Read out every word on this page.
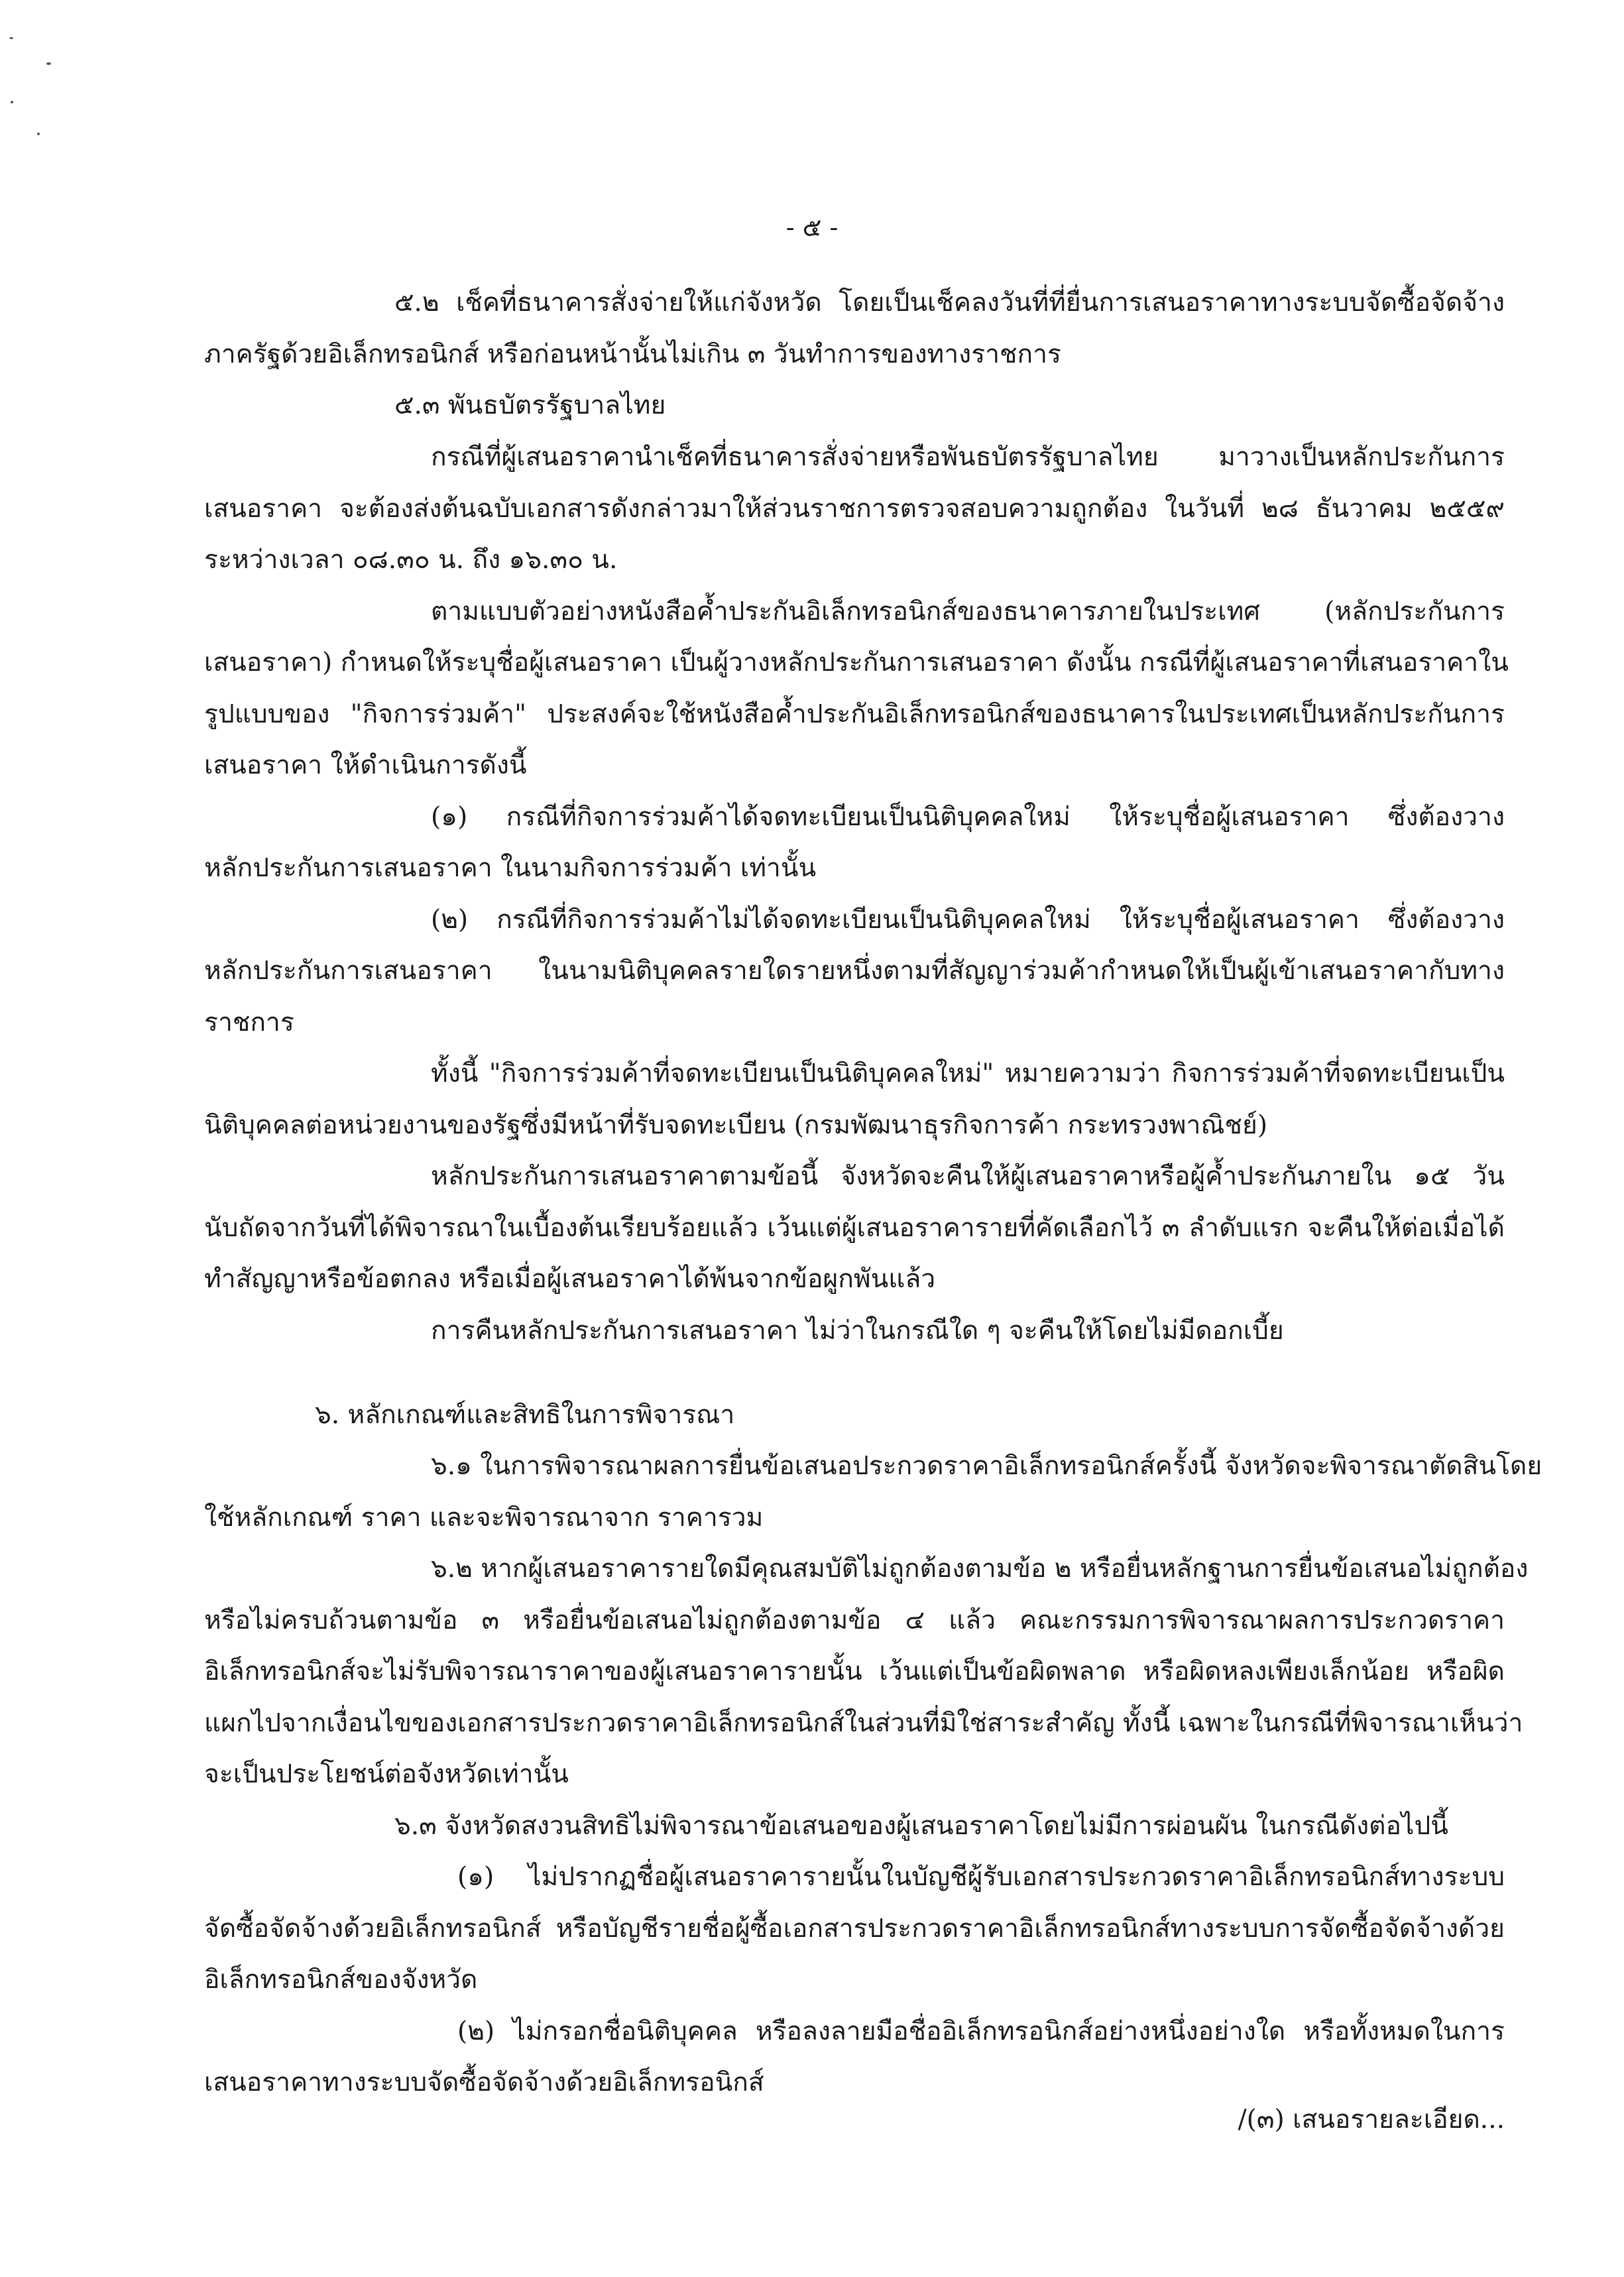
- ๕ -
๕.๒ เช็คที่ธนาคารสั่งจ่ายให้แก่จังหวัด โดยเป็นเช็คลงวันที่ที่ยื่นการเสนอราคาทางระบบจัดซื้อจัดจ้าง
ภาครัฐด้วยอิเล็กทรอนิกส์ หรือก่อนหน้านั้นไม่เกิน ๓ วันทำการของทางราชการ
๕.๓ พันธบัตรรัฐบาลไทย
กรณีที่ผู้เสนอราคานำเช็คที่ธนาคารสั่งจ่ายหรือพันธบัตรรัฐบาลไทย มาวางเป็นหลักประกันการ
เสนอราคา จะต้องส่งต้นฉบับเอกสารดังกล่าวมาให้ส่วนราชการตรวจสอบความถูกต้อง ในวันที่ ๒๘ ธันวาคม ๒๕๕๙
ระหว่างเวลา ๐๘.๓๐ น. ถึง ๑๖.๓๐ น.
ตามแบบตัวอย่างหนังสือค้ำประกันอิเล็กทรอนิกส์ของธนาคารภายในประเทศ (หลักประกันการ
เสนอราคา) กำหนดให้ระบุชื่อผู้เสนอราคา เป็นผู้วางหลักประกันการเสนอราคา ดังนั้น กรณีที่ผู้เสนอราคาที่เสนอราคาใน
รูปแบบของ "กิจการร่วมค้า" ประสงค์จะใช้หนังสือค้ำประกันอิเล็กทรอนิกส์ของธนาคารในประเทศเป็นหลักประกันการ
เสนอราคา ให้ดำเนินการดังนี้
(๑) กรณีที่กิจการร่วมค้าได้จดทะเบียนเป็นนิติบุคคลใหม่ ให้ระบุชื่อผู้เสนอราคา ซึ่งต้องวาง
หลักประกันการเสนอราคา ในนามกิจการร่วมค้า เท่านั้น
(๒) กรณีที่กิจการร่วมค้าไม่ได้จดทะเบียนเป็นนิติบุคคลใหม่ ให้ระบุชื่อผู้เสนอราคา ซึ่งต้องวาง
หลักประกันการเสนอราคา ในนามนิติบุคคลรายใดรายหนึ่งตามที่สัญญาร่วมค้ากำหนดให้เป็นผู้เข้าเสนอราคากับทาง
ราชการ
ทั้งนี้ "กิจการร่วมค้าที่จดทะเบียนเป็นนิติบุคคลใหม่" หมายความว่า กิจการร่วมค้าที่จดทะเบียนเป็น
นิติบุคคลต่อหน่วยงานของรัฐซึ่งมีหน้าที่รับจดทะเบียน (กรมพัฒนาธุรกิจการค้า กระทรวงพาณิชย์)
หลักประกันการเสนอราคาตามข้อนี้ จังหวัดจะคืนให้ผู้เสนอราคาหรือผู้ค้ำประกันภายใน ๑๕ วัน
นับถัดจากวันที่ได้พิจารณาในเบื้องต้นเรียบร้อยแล้ว เว้นแต่ผู้เสนอราคารายที่คัดเลือกไว้ ๓ ลำดับแรก จะคืนให้ต่อเมื่อได้
ทำสัญญาหรือข้อตกลง หรือเมื่อผู้เสนอราคาได้พ้นจากข้อผูกพันแล้ว
การคืนหลักประกันการเสนอราคา ไม่ว่าในกรณีใด ๆ จะคืนให้โดยไม่มีดอกเบี้ย
๖. หลักเกณฑ์และสิทธิในการพิจารณา
๖.๑ ในการพิจารณาผลการยื่นข้อเสนอประกวดราคาอิเล็กทรอนิกส์ครั้งนี้ จังหวัดจะพิจารณาตัดสินโดย
ใช้หลักเกณฑ์ ราคา และจะพิจารณาจาก ราคารวม
๖.๒ หากผู้เสนอราคารายใดมีคุณสมบัติไม่ถูกต้องตามข้อ ๒ หรือยื่นหลักฐานการยื่นข้อเสนอไม่ถูกต้อง
หรือไม่ครบถ้วนตามข้อ ๓ หรือยื่นข้อเสนอไม่ถูกต้องตามข้อ ๔ แล้ว คณะกรรมการพิจารณาผลการประกวดราคา
อิเล็กทรอนิกส์จะไม่รับพิจารณาราคาของผู้เสนอราคารายนั้น เว้นแต่เป็นข้อผิดพลาด หรือผิดหลงเพียงเล็กน้อย หรือผิด
แผกไปจากเงื่อนไขของเอกสารประกวดราคาอิเล็กทรอนิกส์ในส่วนที่มิใช่สาระสำคัญ ทั้งนี้ เฉพาะในกรณีที่พิจารณาเห็นว่า
จะเป็นประโยชน์ต่อจังหวัดเท่านั้น
๖.๓ จังหวัดสงวนสิทธิไม่พิจารณาข้อเสนอของผู้เสนอราคาโดยไม่มีการผ่อนผัน ในกรณีดังต่อไปนี้
(๑) ไม่ปรากฏชื่อผู้เสนอราคารายนั้นในบัญชีผู้รับเอกสารประกวดราคาอิเล็กทรอนิกส์ทางระบบ
จัดซื้อจัดจ้างด้วยอิเล็กทรอนิกส์ หรือบัญชีรายชื่อผู้ซื้อเอกสารประกวดราคาอิเล็กทรอนิกส์ทางระบบการจัดซื้อจัดจ้างด้วย
อิเล็กทรอนิกส์ของจังหวัด
(๒) ไม่กรอกชื่อนิติบุคคล หรือลงลายมือชื่ออิเล็กทรอนิกส์อย่างหนึ่งอย่างใด หรือทั้งหมดในการ
เสนอราคาทางระบบจัดซื้อจัดจ้างด้วยอิเล็กทรอนิกส์
/(๓) เสนอรายละเอียด...
